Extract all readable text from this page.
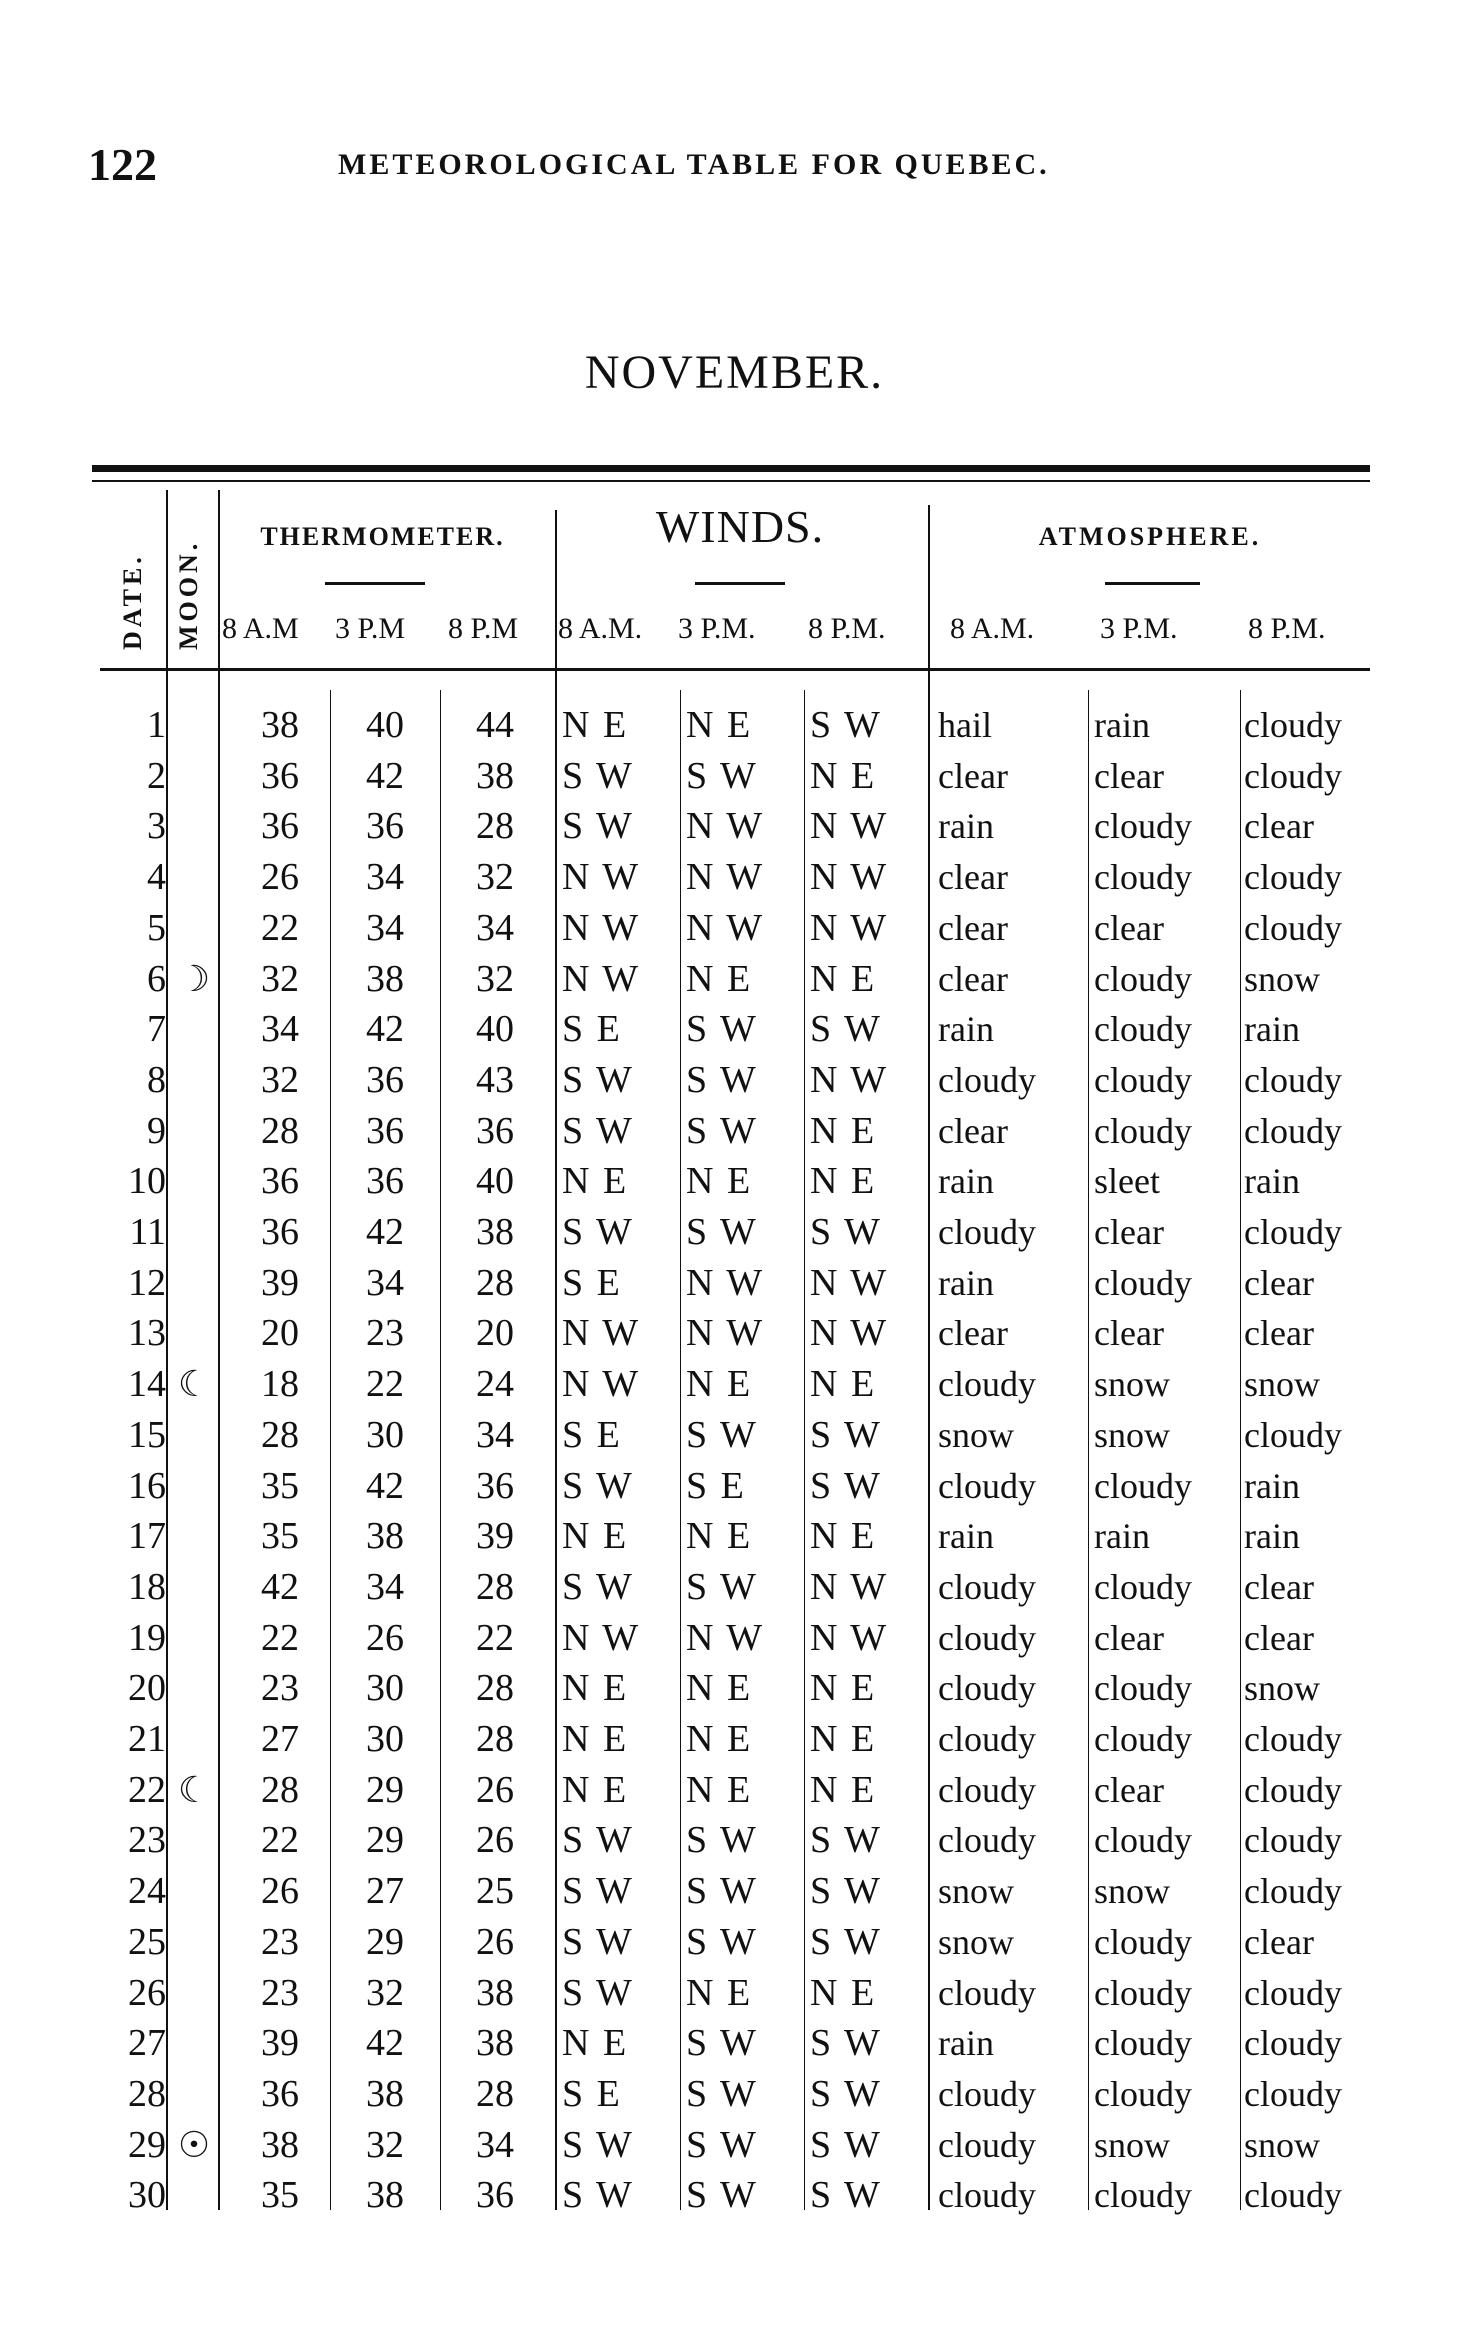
122	METEOROLOGICAL TABLE FOR QUEBEC.
NOVEMBER.
DATE. MOON.
THERMOMETER.	WINDS.	ATMOSPHERE.
8 A.M 3 P.M 8 P.M 8 A.M. 3 P.M. 8 P.M. 8 A.M. 3 P.M. 8 P.M.
1	38	40	44	N E	N E	S W	hail	rain	cloudy
2	36	42	38	S W	S W	N E	clear	clear	cloudy
3	36	36	28	S W	N W	N W	rain	cloudy	clear
4	26	34	32	N W	N W	N W	clear	cloudy	cloudy
5	22	34	34	N W	N W	N W	clear	clear	cloudy
6 ☽	32	38	32	N W	N E	N E	clear	cloudy	snow
7	34	42	40	S E	S W	S W	rain	cloudy	rain
8	32	36	43	S W	S W	N W	cloudy	cloudy	cloudy
9	28	36	36	S W	S W	N E	clear	cloudy	cloudy
10	36	36	40	N E	N E	N E	rain	sleet	rain
11	36	42	38	S W	S W	S W	cloudy	clear	cloudy
12	39	34	28	S E	N W	N W	rain	cloudy	clear
13	20	23	20	N W	N W	N W	clear	clear	clear
14 ☾	18	22	24	N W	N E	N E	cloudy	snow	snow
15	28	30	34	S E	S W	S W	snow	snow	cloudy
16	35	42	36	S W	S E	S W	cloudy	cloudy	rain
17	35	38	39	N E	N E	N E	rain	rain	rain
18	42	34	28	S W	S W	N W	cloudy	cloudy	clear
19	22	26	22	N W	N W	N W	cloudy	clear	clear
20	23	30	28	N E	N E	N E	cloudy	cloudy	snow
21	27	30	28	N E	N E	N E	cloudy	cloudy	cloudy
22 ☾	28	29	26	N E	N E	N E	cloudy	clear	cloudy
23	22	29	26	S W	S W	S W	cloudy	cloudy	cloudy
24	26	27	25	S W	S W	S W	snow	snow	cloudy
25	23	29	26	S W	S W	S W	snow	cloudy	clear
26	23	32	38	S W	N E	N E	cloudy	cloudy	cloudy
27	39	42	38	N E	S W	S W	rain	cloudy	cloudy
28	36	38	28	S E	S W	S W	cloudy	cloudy	cloudy
29 ☉	38	32	34	S W	S W	S W	cloudy	snow	snow
30	35	38	36	S W	S W	S W	cloudy	cloudy	cloudy
